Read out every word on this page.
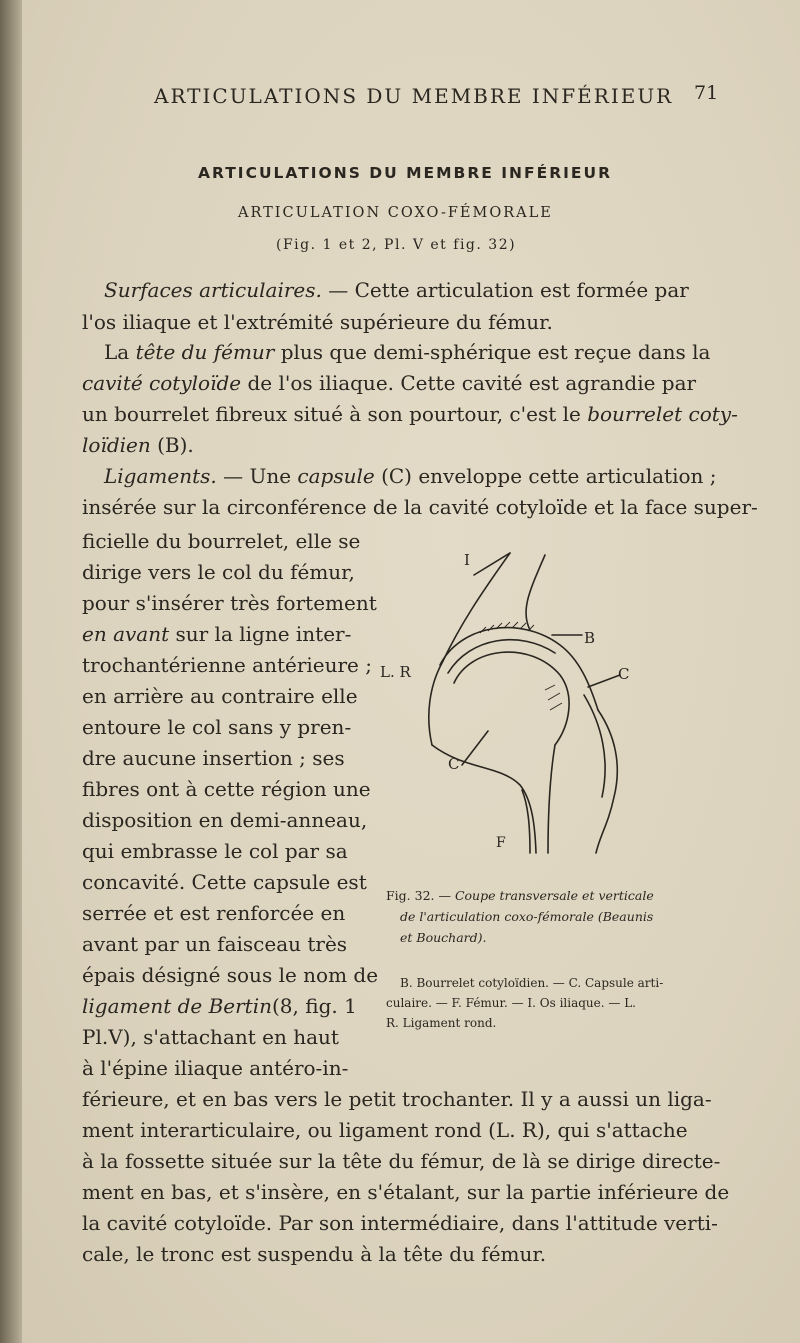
ARTICULATIONS DU MEMBRE INFÉRIEUR 71
ARTICULATIONS DU MEMBRE INFÉRIEUR
ARTICULATION COXO-FÉMORALE
(Fig. 1 et 2, Pl. V et fig. 32)
Surfaces articulaires. — Cette articulation est formée par
l'os iliaque et l'extrémité supérieure du fémur.
La tête du fémur plus que demi-sphérique est reçue dans la
cavité cotyloïde de l'os iliaque. Cette cavité est agrandie par
un bourrelet fibreux situé à son pourtour, c'est le bourrelet coty-
loïdien (B).
Ligaments. — Une capsule (C) enveloppe cette articulation ;
insérée sur la circonférence de la cavité cotyloïde et la face super-
ficielle du bourrelet, elle se
dirige vers le col du fémur,
pour s'insérer très fortement
en avant sur la ligne inter-
trochantérienne antérieure ;
en arrière au contraire elle
entoure le col sans y pren-
dre aucune insertion ; ses
fibres ont à cette région une
disposition en demi-anneau,
qui embrasse le col par sa
concavité. Cette capsule est
serrée et est renforcée en
avant par un faisceau très
épais désigné sous le nom de
ligament de Bertin(8, fig. 1
Pl.V), s'attachant en haut
à l'épine iliaque antéro-in-
férieure, et en bas vers le petit trochanter. Il y a aussi un liga-
ment interarticulaire, ou ligament rond (L. R), qui s'attache
à la fossette située sur la tête du fémur, de là se dirige directe-
ment en bas, et s'insère, en s'étalant, sur la partie inférieure de
la cavité cotyloïde. Par son intermédiaire, dans l'attitude verti-
cale, le tronc est suspendu à la tête du fémur.
I
B
L. R	C
C
F
Fig. 32. — Coupe transversale et verticale
de l'articulation coxo-fémorale (Beaunis
et Bouchard).
B. Bourrelet cotyloïdien. — C. Capsule arti-
culaire. — F. Fémur. — I. Os iliaque. — L.
R. Ligament rond.
